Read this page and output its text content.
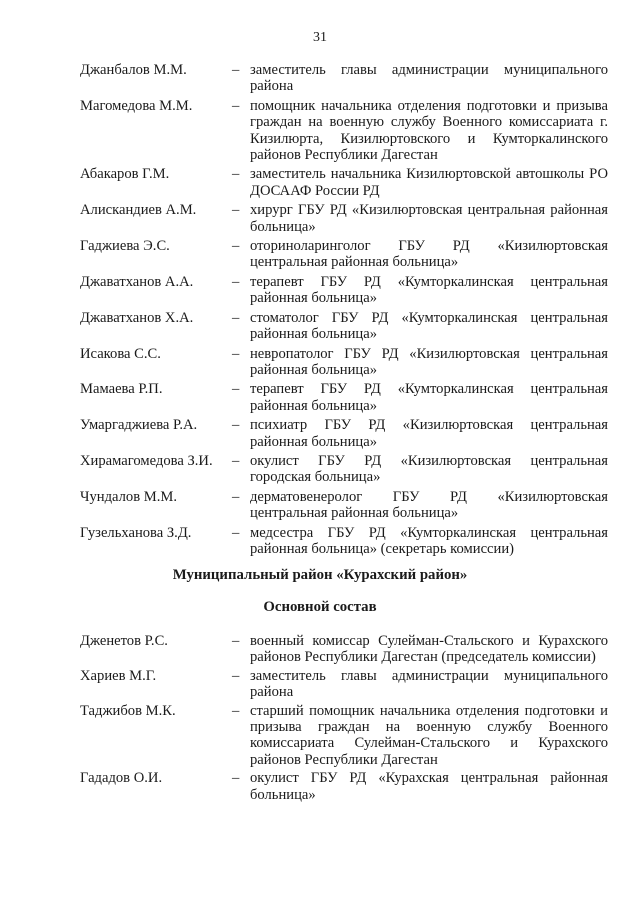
31
Джанбалов М.М.	– заместитель главы администрации муниципального района
Магомедова М.М.	– помощник начальника отделения подготовки и призыва граждан на военную службу Военного комиссариата г. Кизилюрта, Кизилюртовского и Кумторкалинского районов Республики Дагестан
Абакаров Г.М.	– заместитель начальника Кизилюртовской автошколы РО ДОСААФ России РД
Алискандиев А.М.	– хирург ГБУ РД «Кизилюртовская центральная районная больница»
Гаджиева Э.С.	– оториноларинголог ГБУ РД «Кизилюртовская центральная районная больница»
Джаватханов А.А.	– терапевт ГБУ РД «Кумторкалинская центральная районная больница»
Джаватханов Х.А.	– стоматолог ГБУ РД «Кумторкалинская центральная районная больница»
Исакова С.С.	– невропатолог ГБУ РД «Кизилюртовская центральная районная больница»
Мамаева Р.П.	– терапевт ГБУ РД «Кумторкалинская центральная районная больница»
Умаргаджиева Р.А.	– психиатр ГБУ РД «Кизилюртовская центральная районная больница»
Хирамагомедова З.И.	– окулист ГБУ РД «Кизилюртовская центральная городская больница»
Чундалов М.М.	– дерматовенеролог ГБУ РД «Кизилюртовская центральная районная больница»
Гузельханова З.Д.	– медсестра ГБУ РД «Кумторкалинская центральная районная больница» (секретарь комиссии)
Муниципальный район «Курахский район»
Основной состав
Дженетов Р.С.	– военный комиссар Сулейман-Стальского и Курахского районов Республики Дагестан (председатель комиссии)
Хариев М.Г.	– заместитель главы администрации муниципального района
Таджибов М.К.	– старший помощник начальника отделения подготовки и призыва граждан на военную службу Военного комиссариата Сулейман-Стальского и Курахского районов Республики Дагестан
Гададов О.И.	– окулист ГБУ РД «Курахская центральная районная больница»
